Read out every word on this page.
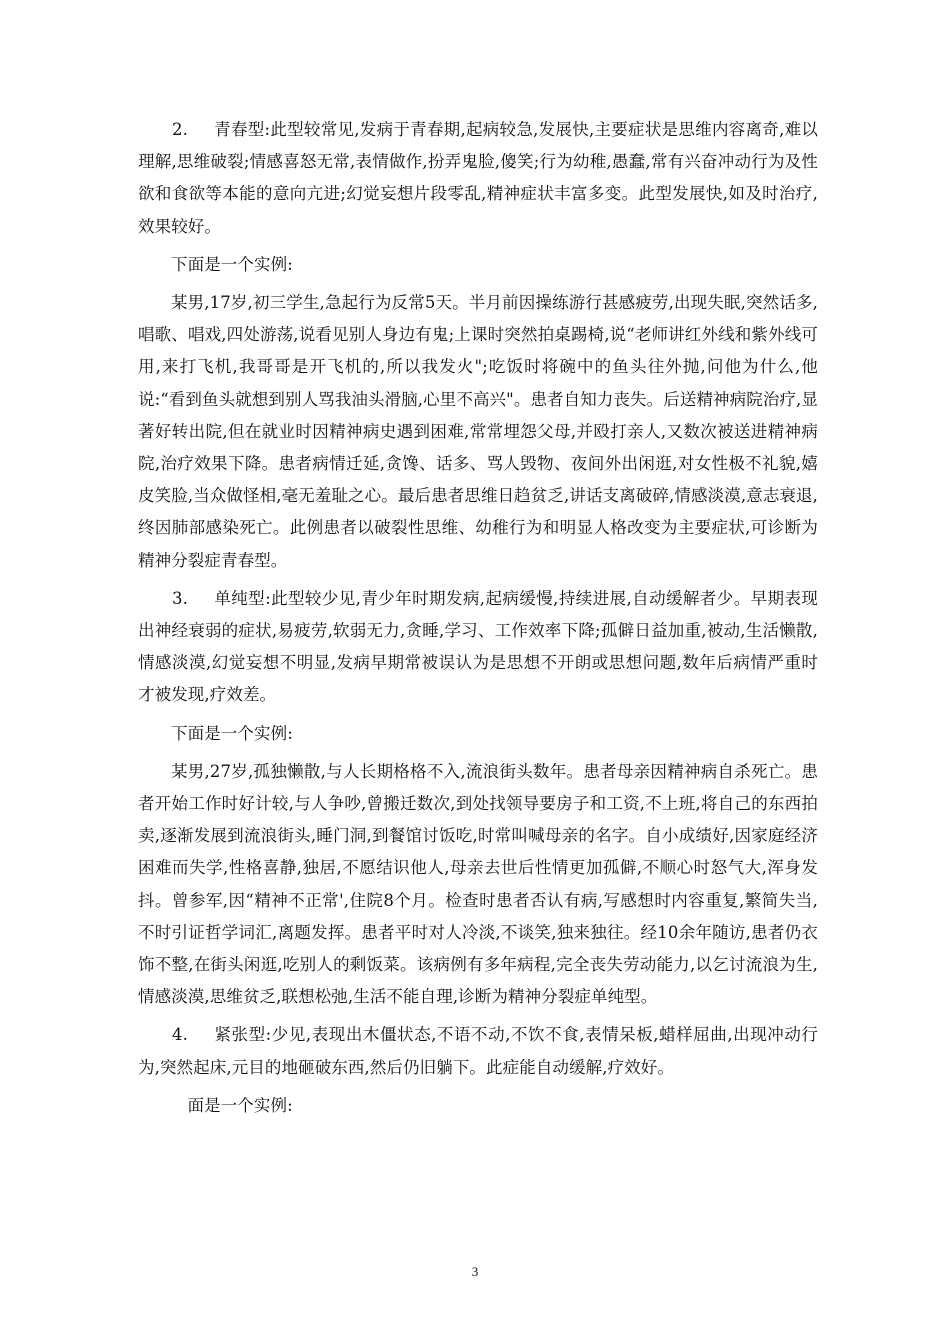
2. 青春型:此型较常见,发病于青春期,起病较急,发展快,主要症状是思维内容离奇,难以理解,思维破裂;情感喜怒无常,表情做作,扮弄鬼脸,傻笑;行为幼稚,愚蠢,常有兴奋冲动行为及性欲和食欲等本能的意向亢进;幻觉妄想片段零乱,精神症状丰富多变。此型发展快,如及时治疗,效果较好。

下面是一个实例:

某男,17岁,初三学生,急起行为反常5天。半月前因操练游行甚感疲劳,出现失眠,突然话多,唱歌、唱戏,四处游荡,说看见别人身边有鬼;上课时突然拍桌踢椅,说“老师讲红外线和紫外线可用,来打飞机,我哥哥是开飞机的,所以我发火";吃饭时将碗中的鱼头往外抛,问他为什么,他说:“看到鱼头就想到别人骂我油头滑脑,心里不高兴"。患者自知力丧失。后送精神病院治疗,显著好转出院,但在就业时因精神病史遇到困难,常常埋怨父母,并殴打亲人,又数次被送进精神病院,治疗效果下降。患者病情迁延,贪馋、话多、骂人毁物、夜间外出闲逛,对女性极不礼貌,嬉皮笑脸,当众做怪相,毫无羞耻之心。最后患者思维日趋贫乏,讲话支离破碎,情感淡漠,意志衰退,终因肺部感染死亡。此例患者以破裂性思维、幼稚行为和明显人格改变为主要症状,可诊断为精神分裂症青春型。

3. 单纯型:此型较少见,青少年时期发病,起病缓慢,持续进展,自动缓解者少。早期表现出神经衰弱的症状,易疲劳,软弱无力,贪睡,学习、工作效率下降;孤僻日益加重,被动,生活懒散,情感淡漠,幻觉妄想不明显,发病早期常被误认为是思想不开朗或思想问题,数年后病情严重时才被发现,疗效差。

下面是一个实例:

某男,27岁,孤独懒散,与人长期格格不入,流浪街头数年。患者母亲因精神病自杀死亡。患者开始工作时好计较,与人争吵,曾搬迁数次,到处找领导要房子和工资,不上班,将自己的东西拍卖,逐渐发展到流浪街头,睡门洞,到餐馆讨饭吃,时常叫喊母亲的名字。自小成绩好,因家庭经济困难而失学,性格喜静,独居,不愿结识他人,母亲去世后性情更加孤僻,不顺心时怒气大,浑身发抖。曾参军,因“精神不正常',住院8个月。检查时患者否认有病,写感想时内容重复,繁简失当,不时引证哲学词汇,离题发挥。患者平时对人冷淡,不谈笑,独来独往。经10余年随访,患者仍衣饰不整,在街头闲逛,吃别人的剩饭菜。该病例有多年病程,完全丧失劳动能力,以乞讨流浪为生,情感淡漠,思维贫乏,联想松弛,生活不能自理,诊断为精神分裂症单纯型。

4. 紧张型:少见,表现出木僵状态,不语不动,不饮不食,表情呆板,蜡样屈曲,出现冲动行为,突然起床,元目的地砸破东西,然后仍旧躺下。此症能自动缓解,疗效好。

面是一个实例:

3
